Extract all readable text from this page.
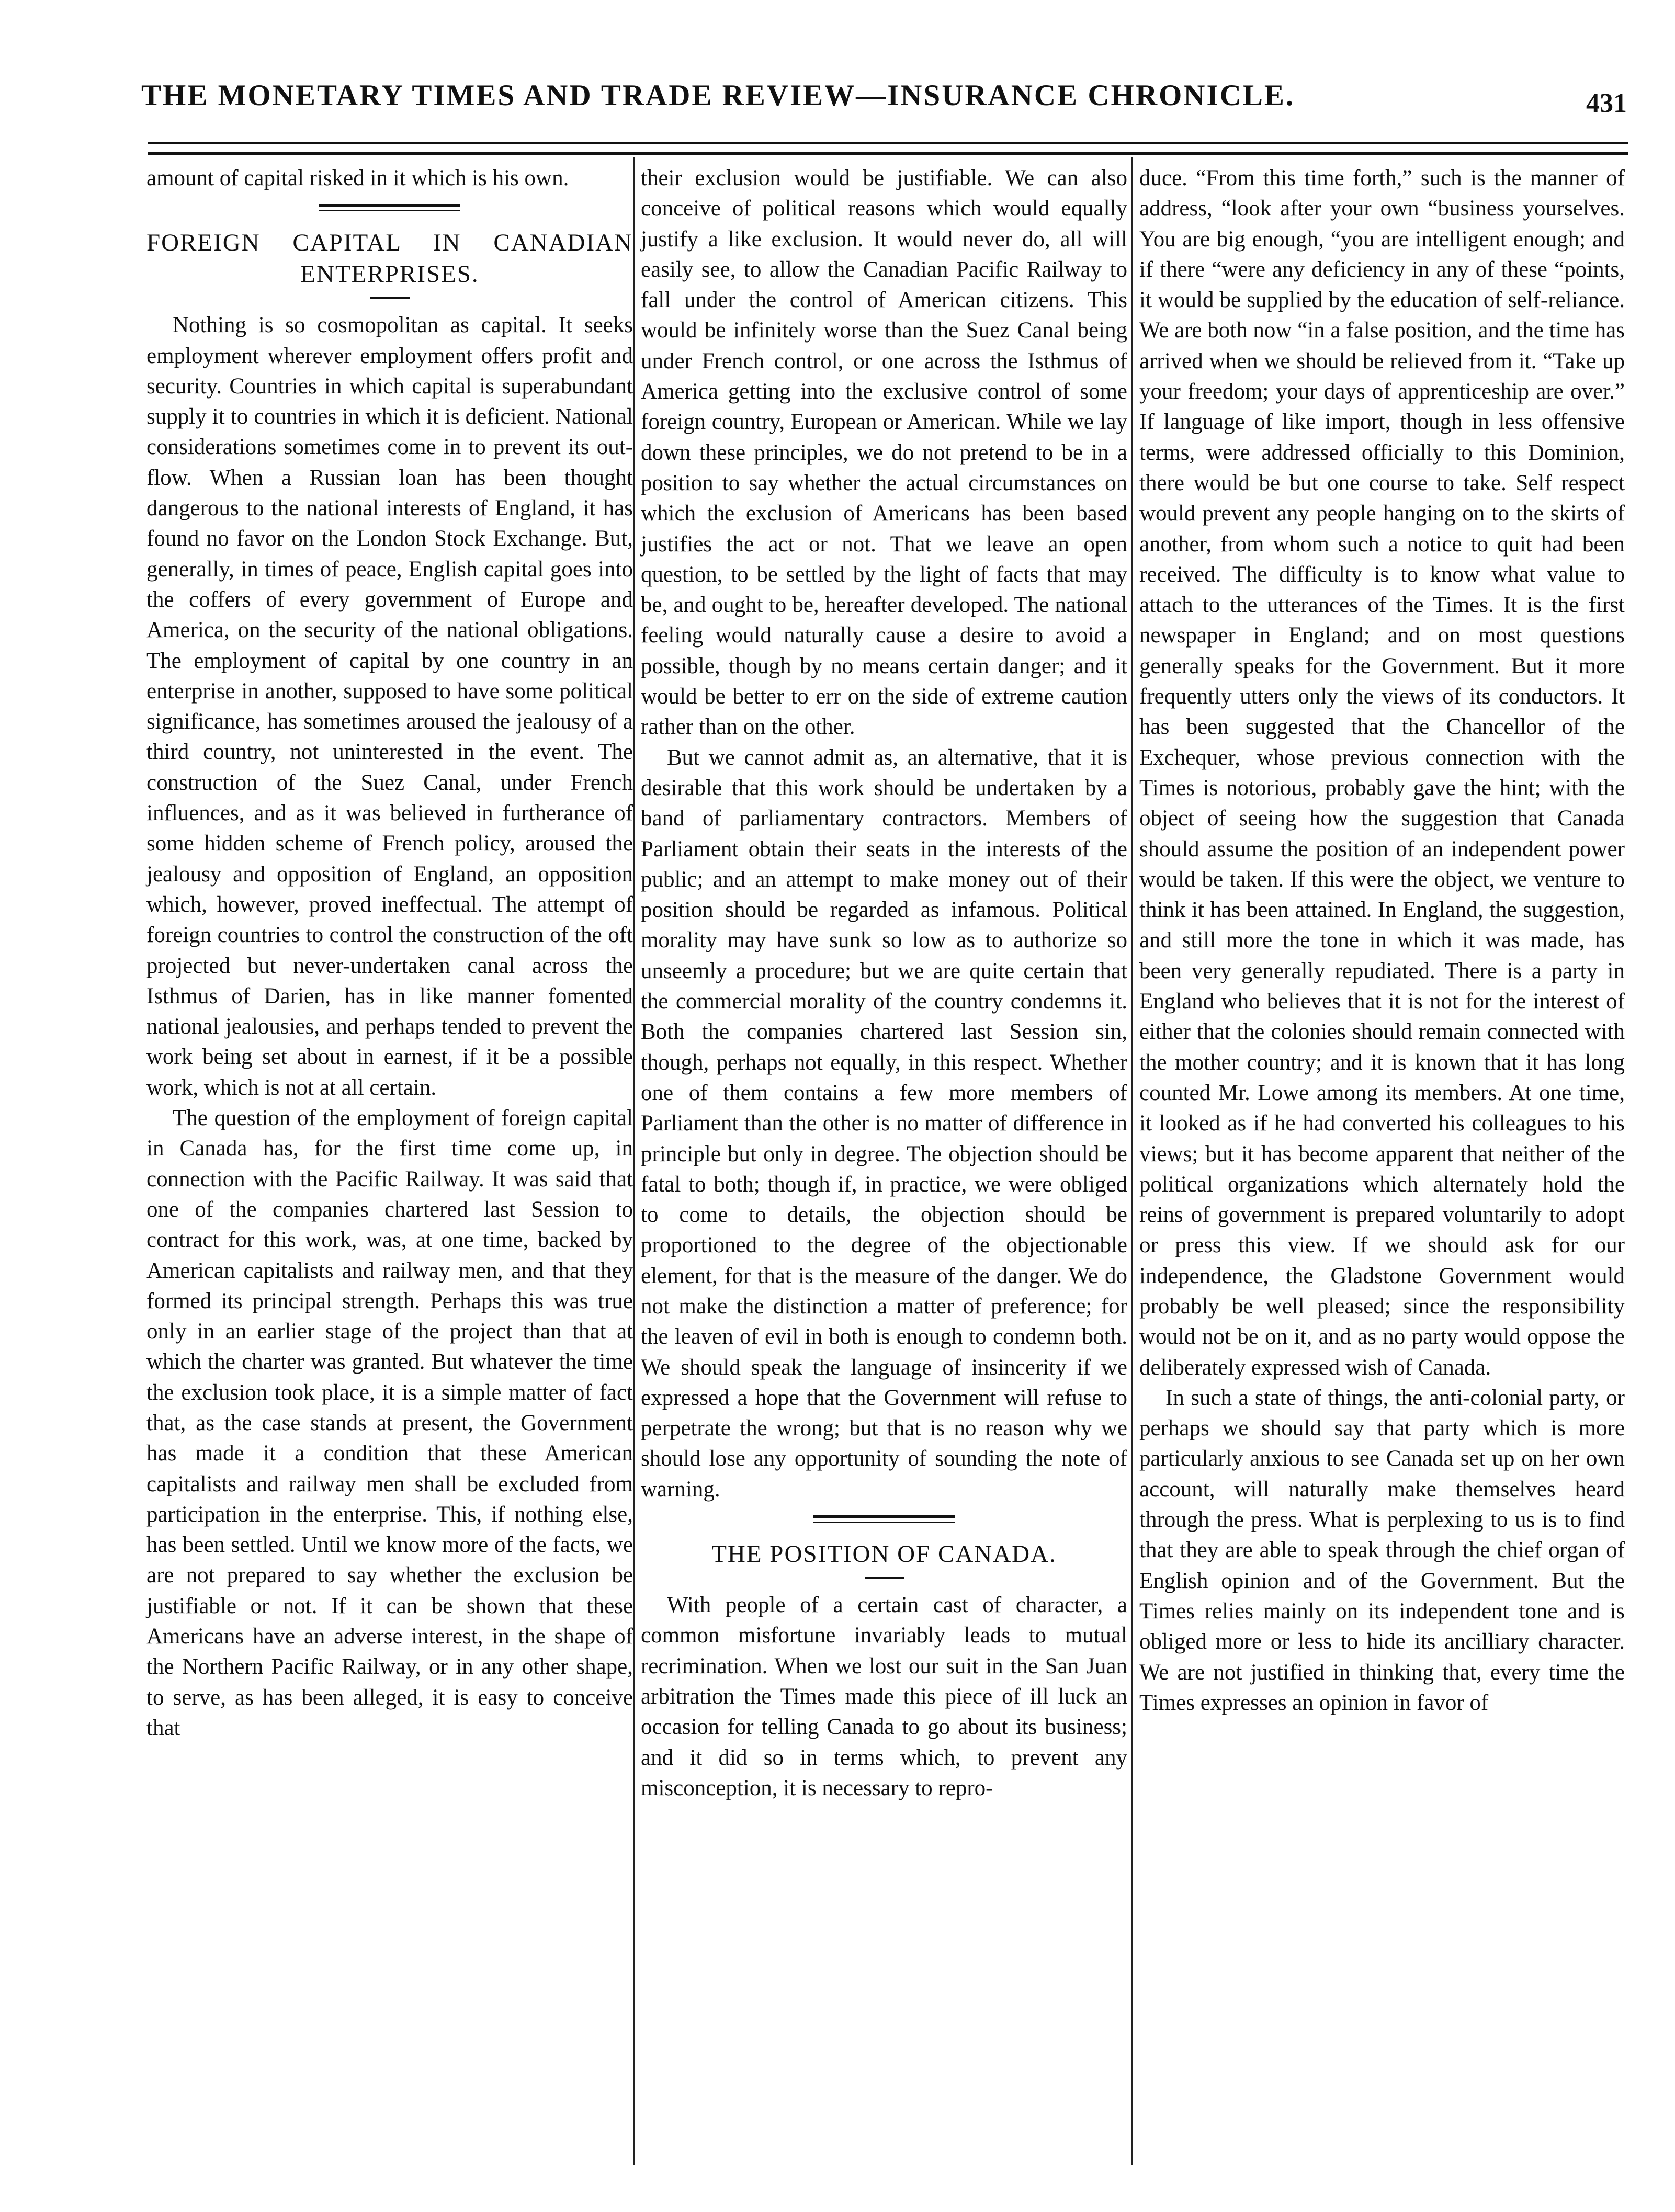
THE MONETARY TIMES AND TRADE REVIEW—INSURANCE CHRONICLE.	431

amount of capital risked in it which is his own.

FOREIGN CAPITAL IN CANADIAN ENTERPRISES.

Nothing is so cosmopolitan as capital. It seeks employment wherever employment offers profit and security. Countries in which capital is superabundant supply it to countries in which it is deficient. National considerations sometimes come in to prevent its out-flow. When a Russian loan has been thought dangerous to the national interests of England, it has found no favor on the London Stock Exchange. But, generally, in times of peace, English capital goes into the coffers of every government of Europe and America, on the security of the national obligations. The employment of capital by one country in an enterprise in another, supposed to have some political significance, has sometimes aroused the jealousy of a third country, not uninterested in the event. The construction of the Suez Canal, under French influences, and as it was believed in furtherance of some hidden scheme of French policy, aroused the jealousy and opposition of England, an opposition which, however, proved ineffectual. The attempt of foreign countries to control the construction of the oft projected but never-undertaken canal across the Isthmus of Darien, has in like manner fomented national jealousies, and perhaps tended to prevent the work being set about in earnest, if it be a possible work, which is not at all certain.

The question of the employment of foreign capital in Canada has, for the first time come up, in connection with the Pacific Railway. It was said that one of the companies chartered last Session to contract for this work, was, at one time, backed by American capitalists and railway men, and that they formed its principal strength. Perhaps this was true only in an earlier stage of the project than that at which the charter was granted. But whatever the time the exclusion took place, it is a simple matter of fact that, as the case stands at present, the Government has made it a condition that these American capitalists and railway men shall be excluded from participation in the enterprise. This, if nothing else, has been settled. Until we know more of the facts, we are not prepared to say whether the exclusion be justifiable or not. If it can be shown that these Americans have an adverse interest, in the shape of the Northern Pacific Railway, or in any other shape, to serve, as has been alleged, it is easy to conceive that

their exclusion would be justifiable. We can also conceive of political reasons which would equally justify a like exclusion. It would never do, all will easily see, to allow the Canadian Pacific Railway to fall under the control of American citizens. This would be infinitely worse than the Suez Canal being under French control, or one across the Isthmus of America getting into the exclusive control of some foreign country, European or American. While we lay down these principles, we do not pretend to be in a position to say whether the actual circumstances on which the exclusion of Americans has been based justifies the act or not. That we leave an open question, to be settled by the light of facts that may be, and ought to be, hereafter developed. The national feeling would naturally cause a desire to avoid a possible, though by no means certain danger; and it would be better to err on the side of extreme caution rather than on the other.

But we cannot admit as, an alternative, that it is desirable that this work should be undertaken by a band of parliamentary contractors. Members of Parliament obtain their seats in the interests of the public; and an attempt to make money out of their position should be regarded as infamous. Political morality may have sunk so low as to authorize so unseemly a procedure; but we are quite certain that the commercial morality of the country condemns it. Both the companies chartered last Session sin, though, perhaps not equally, in this respect. Whether one of them contains a few more members of Parliament than the other is no matter of difference in principle but only in degree. The objection should be fatal to both; though if, in practice, we were obliged to come to details, the objection should be proportioned to the degree of the objectionable element, for that is the measure of the danger. We do not make the distinction a matter of preference; for the leaven of evil in both is enough to condemn both. We should speak the language of insincerity if we expressed a hope that the Government will refuse to perpetrate the wrong; but that is no reason why we should lose any opportunity of sounding the note of warning.

THE POSITION OF CANADA.

With people of a certain cast of character, a common misfortune invariably leads to mutual recrimination. When we lost our suit in the San Juan arbitration the Times made this piece of ill luck an occasion for telling Canada to go about its business; and it did so in terms which, to prevent any misconception, it is necessary to repro-

duce. “From this time forth,” such is the manner of address, “look after your own “business yourselves. You are big enough, “you are intelligent enough; and if there “were any deficiency in any of these “points, it would be supplied by the education of self-reliance. We are both now “in a false position, and the time has arrived when we should be relieved from it. “Take up your freedom; your days of apprenticeship are over.” If language of like import, though in less offensive terms, were addressed officially to this Dominion, there would be but one course to take. Self respect would prevent any people hanging on to the skirts of another, from whom such a notice to quit had been received. The difficulty is to know what value to attach to the utterances of the Times. It is the first newspaper in England; and on most questions generally speaks for the Government. But it more frequently utters only the views of its conductors. It has been suggested that the Chancellor of the Exchequer, whose previous connection with the Times is notorious, probably gave the hint; with the object of seeing how the suggestion that Canada should assume the position of an independent power would be taken. If this were the object, we venture to think it has been attained. In England, the suggestion, and still more the tone in which it was made, has been very generally repudiated. There is a party in England who believes that it is not for the interest of either that the colonies should remain connected with the mother country; and it is known that it has long counted Mr. Lowe among its members. At one time, it looked as if he had converted his colleagues to his views; but it has become apparent that neither of the political organizations which alternately hold the reins of government is prepared voluntarily to adopt or press this view. If we should ask for our independence, the Gladstone Government would probably be well pleased; since the responsibility would not be on it, and as no party would oppose the deliberately expressed wish of Canada.

In such a state of things, the anti-colonial party, or perhaps we should say that party which is more particularly anxious to see Canada set up on her own account, will naturally make themselves heard through the press. What is perplexing to us is to find that they are able to speak through the chief organ of English opinion and of the Government. But the Times relies mainly on its independent tone and is obliged more or less to hide its ancilliary character. We are not justified in thinking that, every time the Times expresses an opinion in favor of
